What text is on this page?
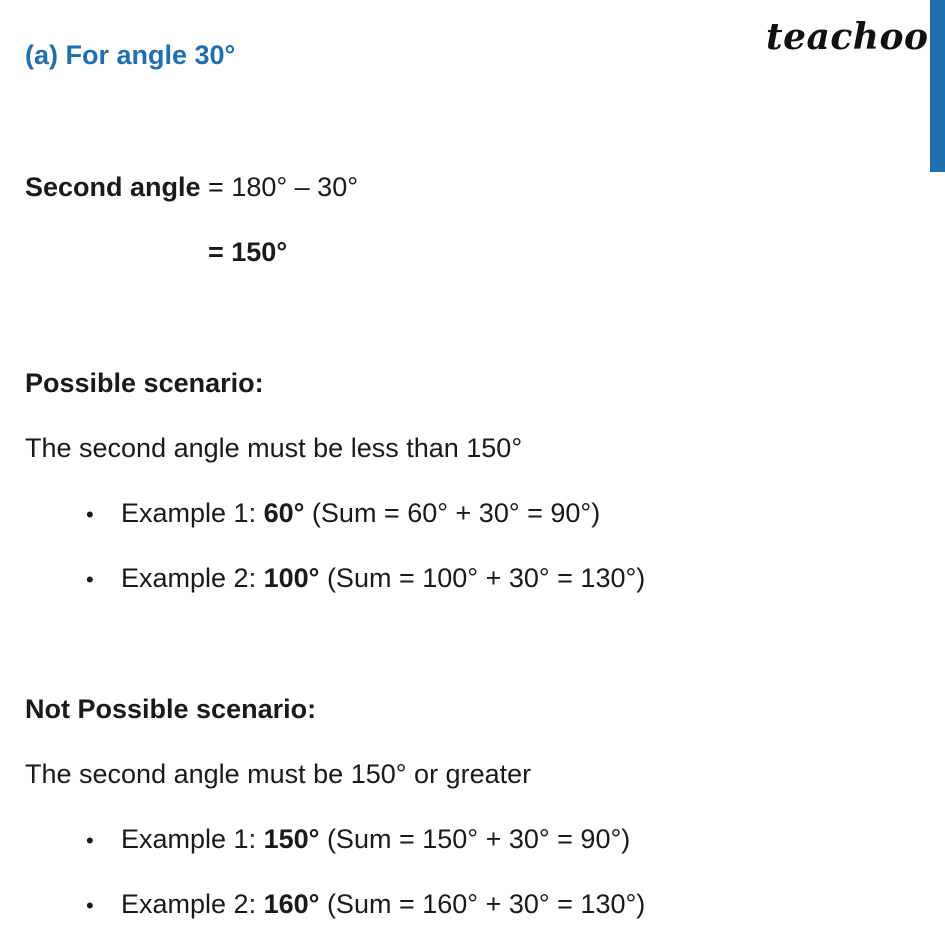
teachoo
(a) For angle 30°
Second angle = 180° – 30°
= 150°
Possible scenario:
The second angle must be less than 150°
• Example 1: 60° (Sum = 60° + 30° = 90°)
• Example 2: 100° (Sum = 100° + 30° = 130°)
Not Possible scenario:
The second angle must be 150° or greater
• Example 1: 150° (Sum = 150° + 30° = 90°)
• Example 2: 160° (Sum = 160° + 30° = 130°)
